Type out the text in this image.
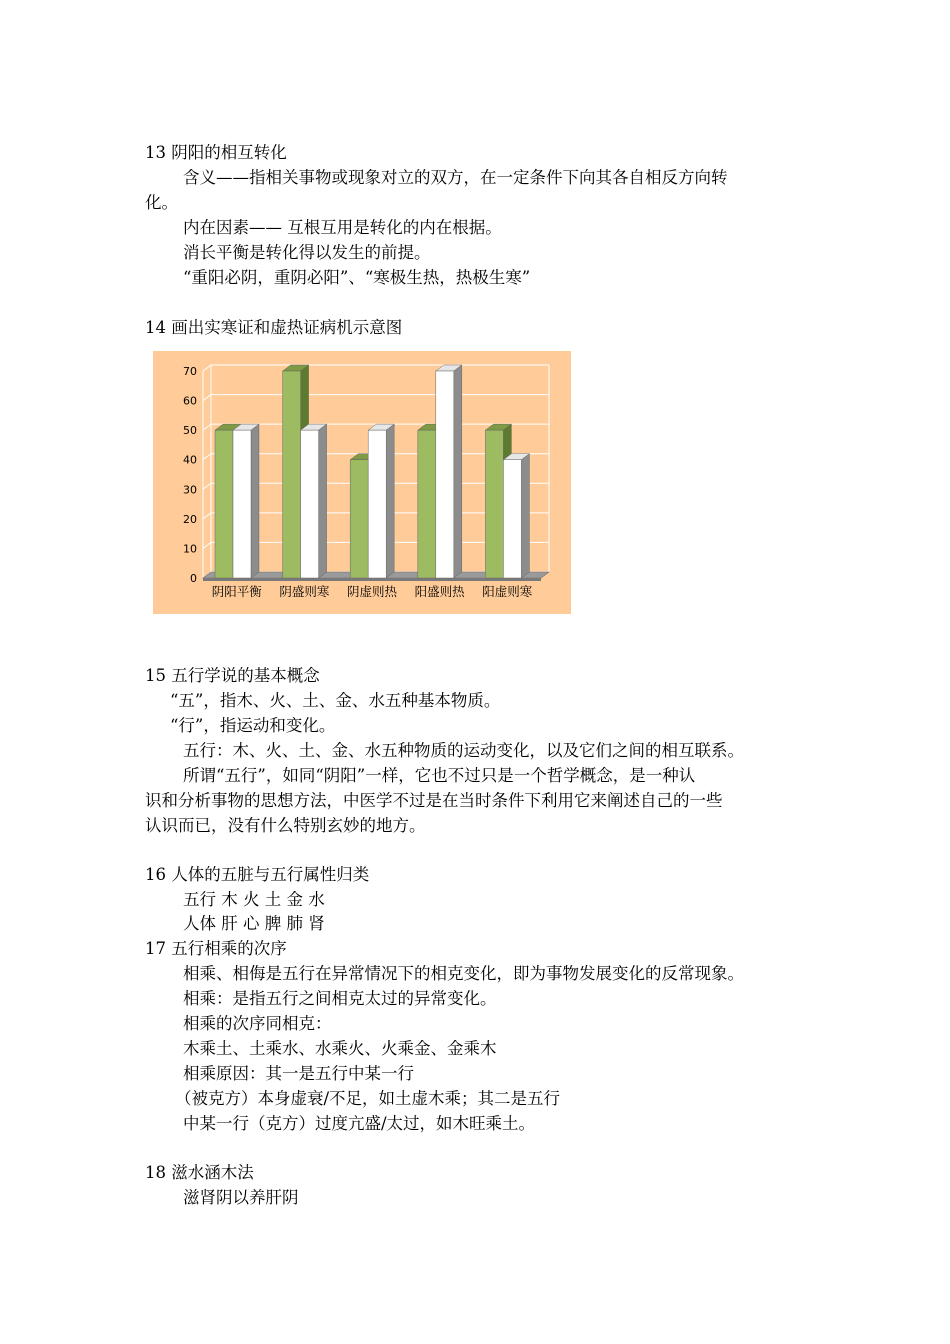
13 阴阳的相互转化
含义——指相关事物或现象对立的双方，在一定条件下向其各自相反方向转
化。
内在因素—— 互根互用是转化的内在根据。
消长平衡是转化得以发生的前提。
“重阳必阴，重阴必阳”、“寒极生热，热极生寒”
14 画出实寒证和虚热证病机示意图
0
10
20
30
40
50
60
70
阴阳平衡 阴盛则寒 阴虚则热 阳盛则热 阳虚则寒
15 五行学说的基本概念
“五”，指木、火、土、金、水五种基本物质。
“行”，指运动和变化。
五行：木、火、土、金、水五种物质的运动变化，以及它们之间的相互联系。
所谓“五行”，如同“阴阳”一样，它也不过只是一个哲学概念，是一种认
识和分析事物的思想方法，中医学不过是在当时条件下利用它来阐述自己的一些
认识而已，没有什么特别玄妙的地方。
16 人体的五脏与五行属性归类
五行 木 火 土 金 水
人体 肝 心 脾 肺 肾
17 五行相乘的次序
相乘、相侮是五行在异常情况下的相克变化，即为事物发展变化的反常现象。
相乘：是指五行之间相克太过的异常变化。
相乘的次序同相克：
木乘土、土乘水、水乘火、火乘金、金乘木
相乘原因：其一是五行中某一行
（被克方）本身虚衰/不足，如土虚木乘；其二是五行
中某一行（克方）过度亢盛/太过，如木旺乘土。
18 滋水涵木法
滋肾阴以养肝阴
